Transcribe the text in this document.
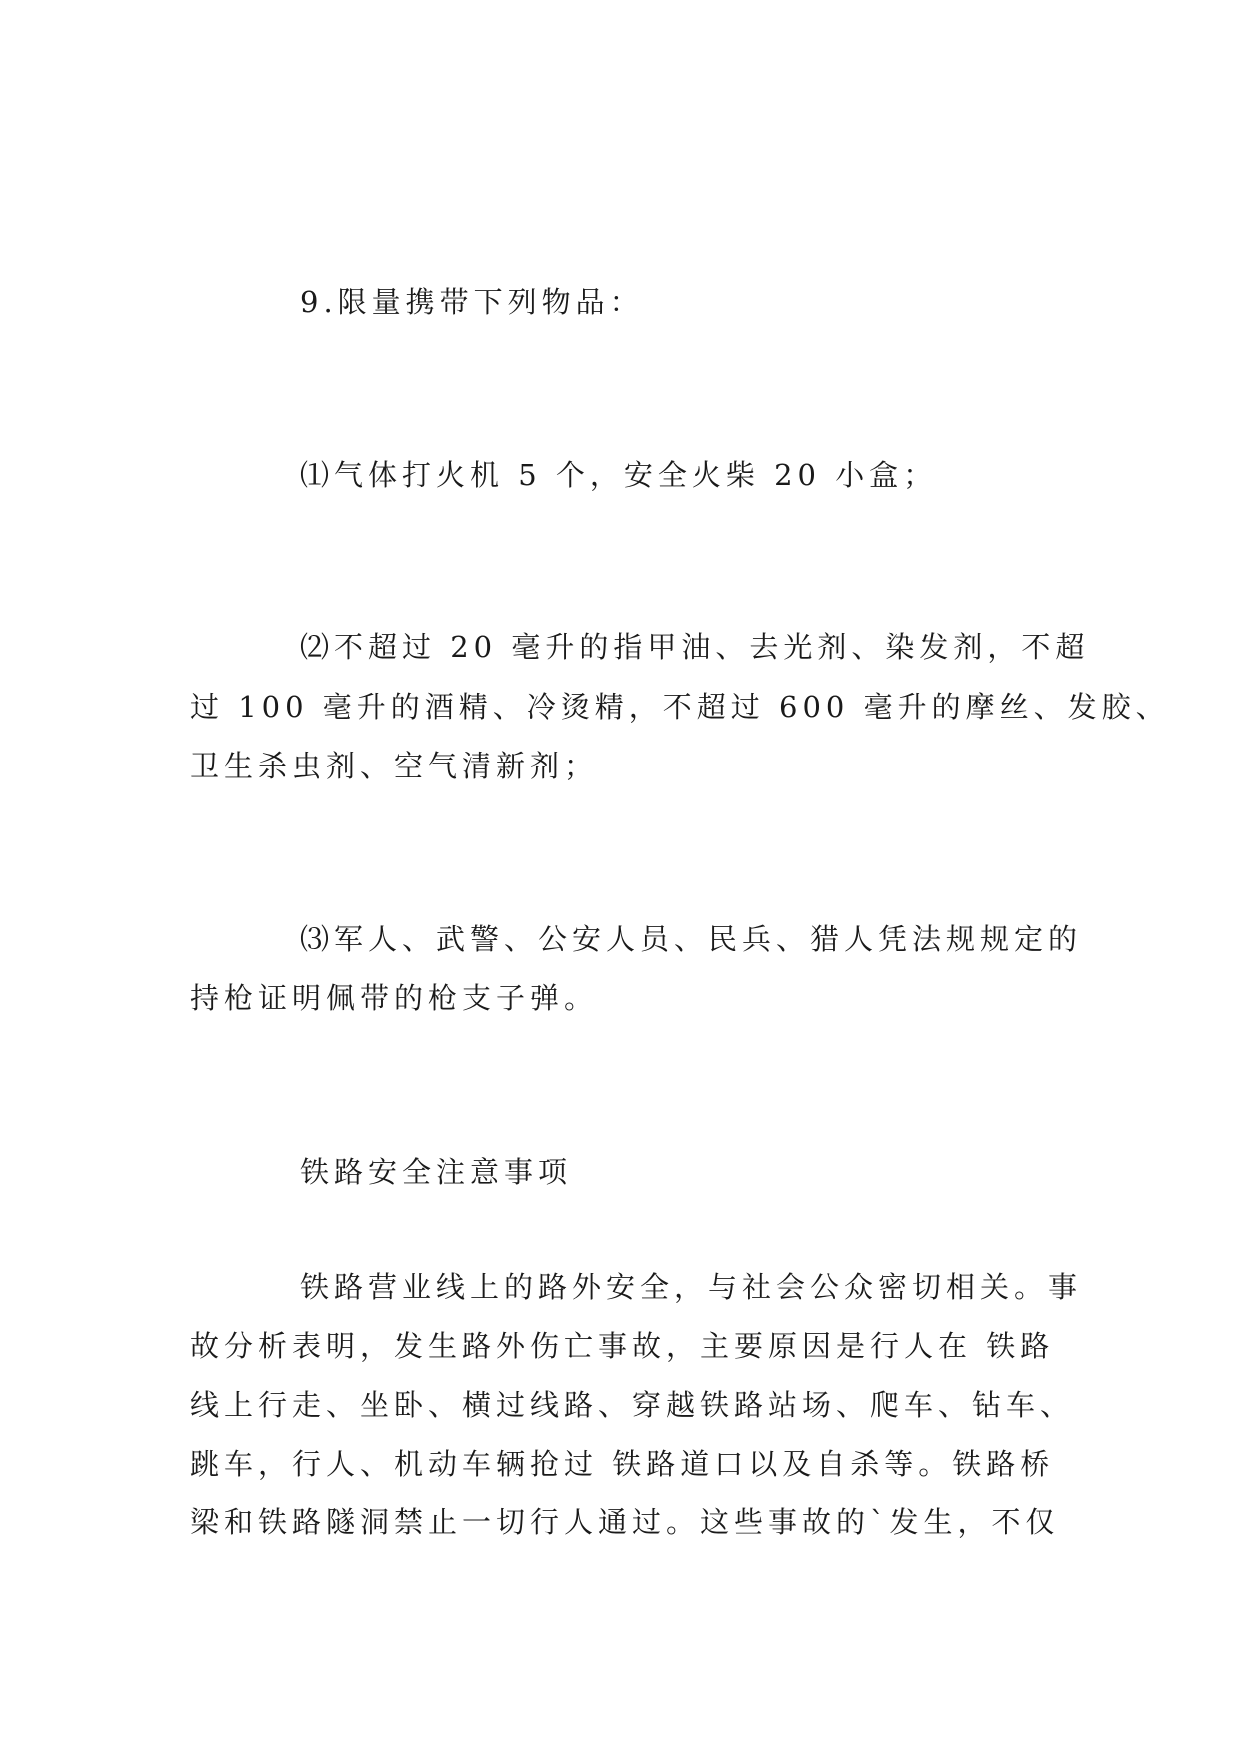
9.限量携带下列物品：
⑴气体打火机 5 个，安全火柴 20 小盒；
⑵不超过 20 毫升的指甲油、去光剂、染发剂，不超
过 100 毫升的酒精、冷烫精，不超过 600 毫升的摩丝、发胶、
卫生杀虫剂、空气清新剂；
⑶军人、武警、公安人员、民兵、猎人凭法规规定的
持枪证明佩带的枪支子弹。
铁路安全注意事项
铁路营业线上的路外安全，与社会公众密切相关。事
故分析表明，发生路外伤亡事故，主要原因是行人在 铁路
线上行走、坐卧、横过线路、穿越铁路站场、爬车、钻车、
跳车，行人、机动车辆抢过 铁路道口以及自杀等。铁路桥
梁和铁路隧洞禁止一切行人通过。这些事故的`发生，不仅
